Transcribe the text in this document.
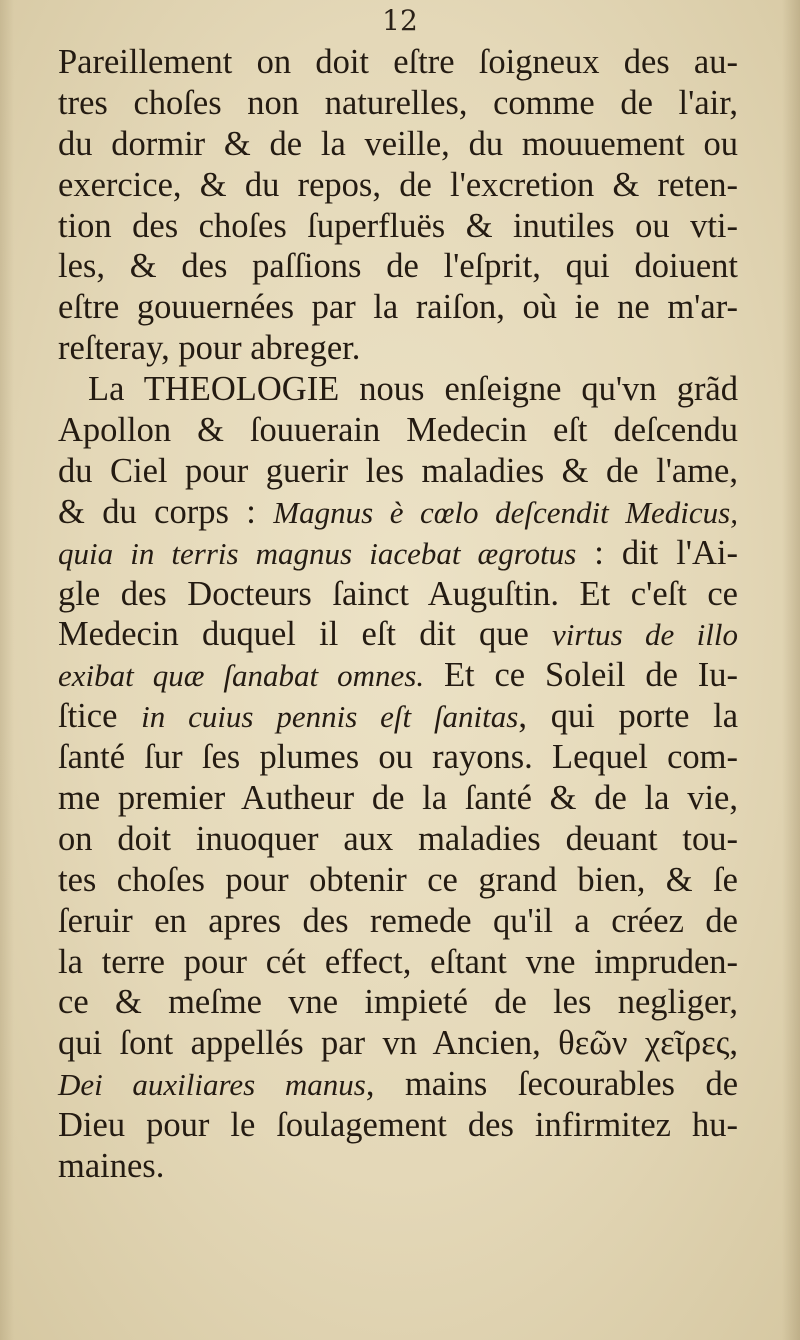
12
Pareillement on doit eſtre ſoigneux des au-
tres choſes non naturelles, comme de l'air,
du dormir & de la veille, du mouuement ou
exercice, & du repos, de l'excretion & reten-
tion des choſes ſuperfluës & inutiles ou vti-
les, & des paſſions de l'eſprit, qui doiuent
eſtre gouuernées par la raiſon, où ie ne m'ar-
reſteray, pour abreger.
La THEOLOGIE nous enſeigne qu'vn grãd
Apollon & ſouuerain Medecin eſt deſcendu
du Ciel pour guerir les maladies & de l'ame,
& du corps : Magnus è cœlo deſcendit Medicus,
quia in terris magnus iacebat ægrotus : dit l'Ai-
gle des Docteurs ſainct Auguſtin. Et c'eſt ce
Medecin duquel il eſt dit que virtus de illo
exibat quæ ſanabat omnes. Et ce Soleil de Iu-
ſtice in cuius pennis eſt ſanitas, qui porte la
ſanté ſur ſes plumes ou rayons. Lequel com-
me premier Autheur de la ſanté & de la vie,
on doit inuoquer aux maladies deuant tou-
tes choſes pour obtenir ce grand bien, & ſe
ſeruir en apres des remede qu'il a créez de
la terre pour cét effect, eſtant vne impruden-
ce & meſme vne impieté de les negliger,
qui ſont appellés par vn Ancien, θεῶν χεῖρες,
Dei auxiliares manus, mains ſecourables de
Dieu pour le ſoulagement des infirmitez hu-
maines.
